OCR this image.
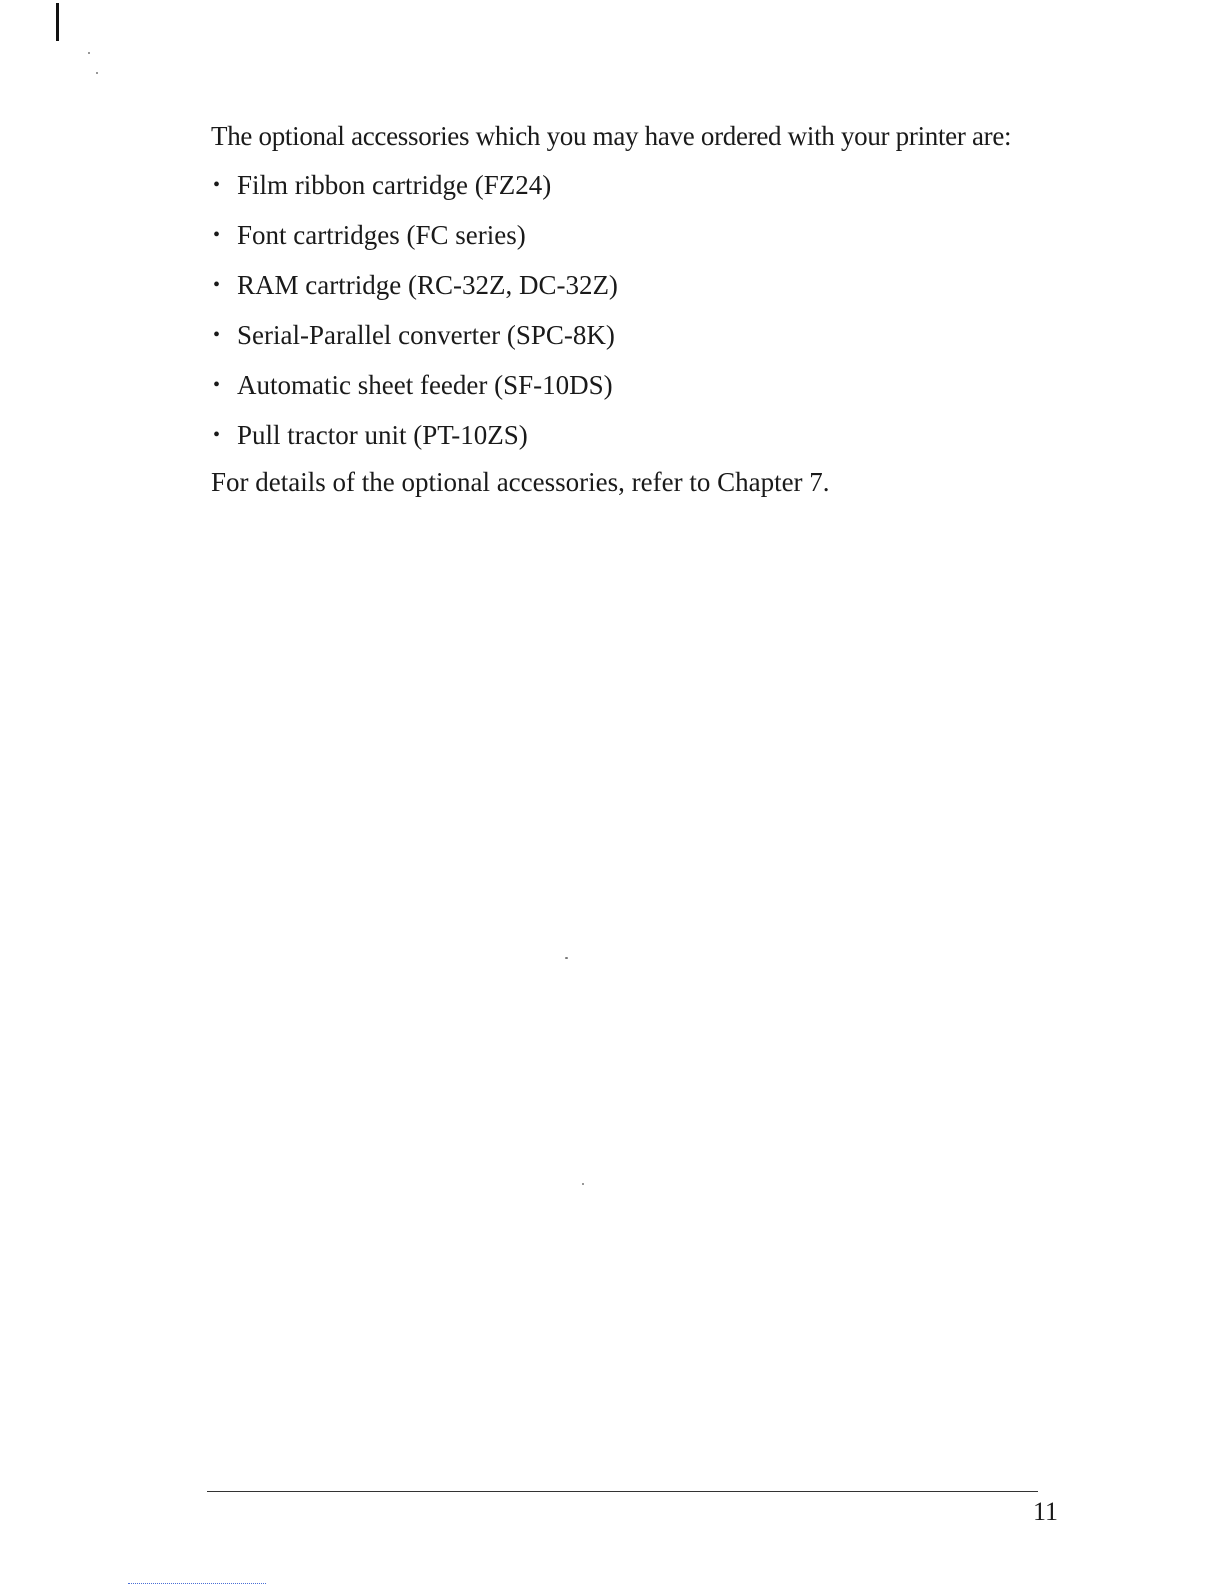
The optional accessories which you may have ordered with your printer are:

• Film ribbon cartridge (FZ24)
• Font cartridges (FC series)
• RAM cartridge (RC-32Z, DC-32Z)
• Serial-Parallel converter (SPC-8K)
• Automatic sheet feeder (SF-10DS)
• Pull tractor unit (PT-10ZS)

For details of the optional accessories, refer to Chapter 7.

11
